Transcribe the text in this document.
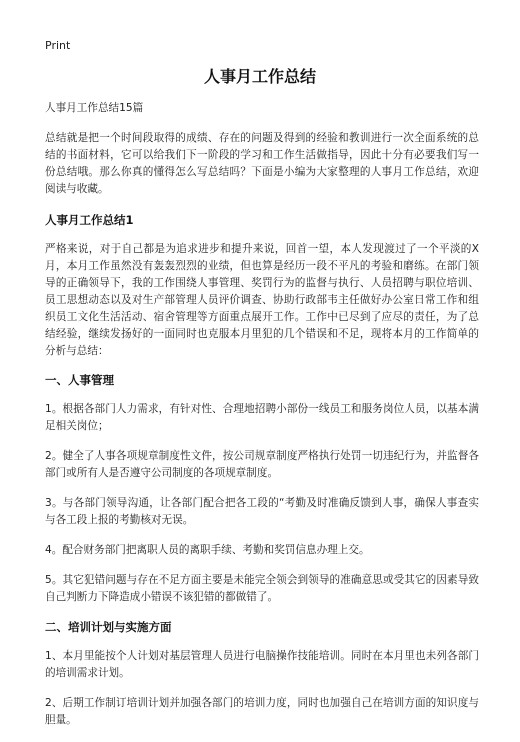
Print
人事月工作总结

人事月工作总结15篇

总结就是把一个时间段取得的成绩、存在的问题及得到的经验和教训进行一次全面系统的总结的书面材料，它可以给我们下一阶段的学习和工作生活做指导，因此十分有必要我们写一份总结哦。那么你真的懂得怎么写总结吗？下面是小编为大家整理的人事月工作总结，欢迎阅读与收藏。

人事月工作总结1

严格来说，对于自己都是为追求进步和提升来说，回首一望，本人发现渡过了一个平淡的X月，本月工作虽然没有轰轰烈烈的业绩，但也算是经历一段不平凡的考验和磨练。在部门领导的正确领导下，我的工作围绕人事管理、奖罚行为的监督与执行、人员招聘与职位培训、员工思想动态以及对生产部管理人员评价调查、协助行政部韦主任做好办公室日常工作和组织员工文化生活活动、宿舍管理等方面重点展开工作。工作中已尽到了应尽的责任，为了总结经验，继续发扬好的一面同时也克服本月里犯的几个错误和不足，现将本月的工作简单的分析与总结：

一、人事管理

1。根据各部门人力需求，有针对性、合理地招聘小部份一线员工和服务岗位人员，以基本满足相关岗位；

2。健全了人事各项规章制度性文件，按公司规章制度严格执行处罚一切违纪行为，并监督各部门或所有人是否遵守公司制度的各项规章制度。

3。与各部门领导沟通，让各部门配合把各工段的“考勤及时准确反馈到人事，确保人事查实与各工段上报的考勤核对无误。

4。配合财务部门把离职人员的离职手续、考勤和奖罚信息办理上交。

5。其它犯错问题与存在不足方面主要是未能完全领会到领导的准确意思或受其它的因素导致自己判断力下降造成小错误不该犯错的都做错了。

二、培训计划与实施方面

1、本月里能按个人计划对基层管理人员进行电脑操作技能培训。同时在本月里也未列各部门的培训需求计划。

2、后期工作制订培训计划并加强各部门的培训力度，同时也加强自己在培训方面的知识度与胆量。
